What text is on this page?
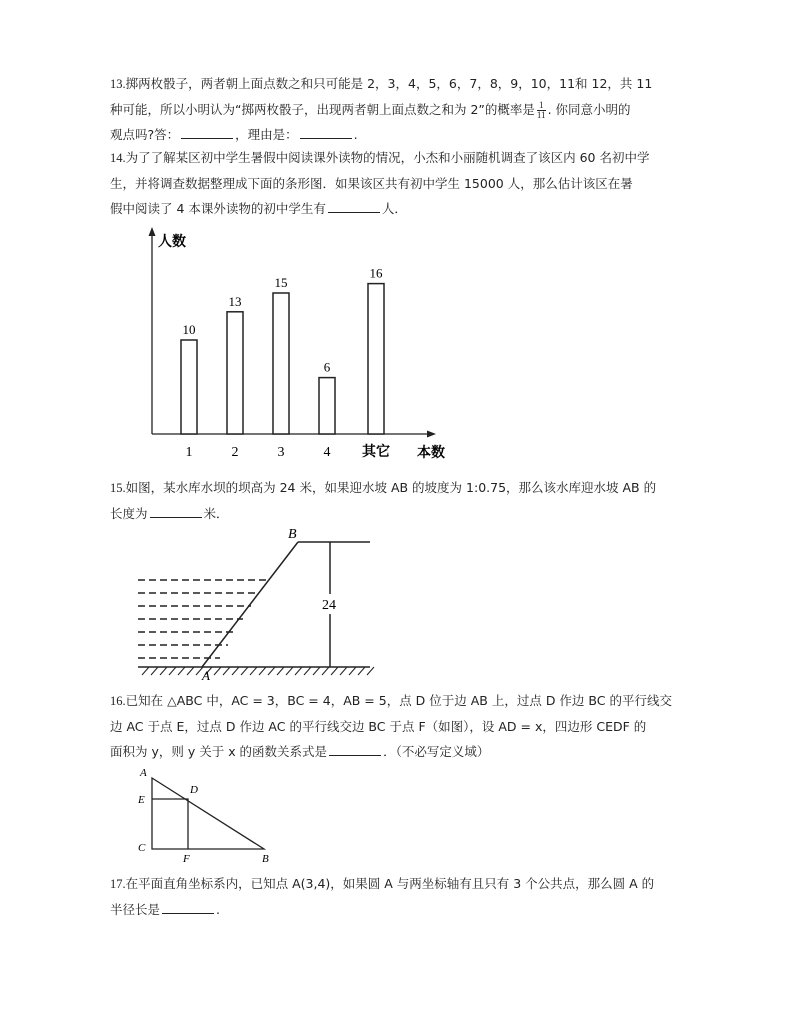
13.掷两枚骰子，两者朝上面点数之和只可能是 2，3，4，5，6，7，8，9，10，11和 12，共 11
种可能，所以小明认为“掷两枚骰子，出现两者朝上面点数之和为 2”的概率是 $\frac{1}{11}$ . 你同意小明的
观点吗?答：	，理由是：	.
14.为了了解某区初中学生暑假中阅读课外读物的情况，小杰和小丽随机调查了该区内 60 名初中学
生，并将调查数据整理成下面的条形图．如果该区共有初中学生 15000 人，那么估计该区在暑
假中阅读了 4 本课外读物的初中学生有	人．
人数
本数
10
1
13
2
15
3
6
4
16
其它
15.如图，某水库水坝的坝高为 24 米，如果迎水坡 AB 的坡度为 1:0.75，那么该水库迎水坡 AB 的
长度为	米．
24
B
A
16.已知在 △ABC 中，AC = 3，BC = 4，AB = 5，点 D 位于边 AB 上，过点 D 作边 BC 的平行线交
边 AC 于点 E，过点 D 作边 AC 的平行线交边 BC 于点 F（如图），设 AD = x，四边形 CEDF 的
面积为 y，则 y 关于 x 的函数关系式是	．（不必写定义域）
A
D
E
C
F	B
17.在平面直角坐标系内，已知点 A(3,4)，如果圆 A 与两坐标轴有且只有 3 个公共点，那么圆 A 的
半径长是	.
